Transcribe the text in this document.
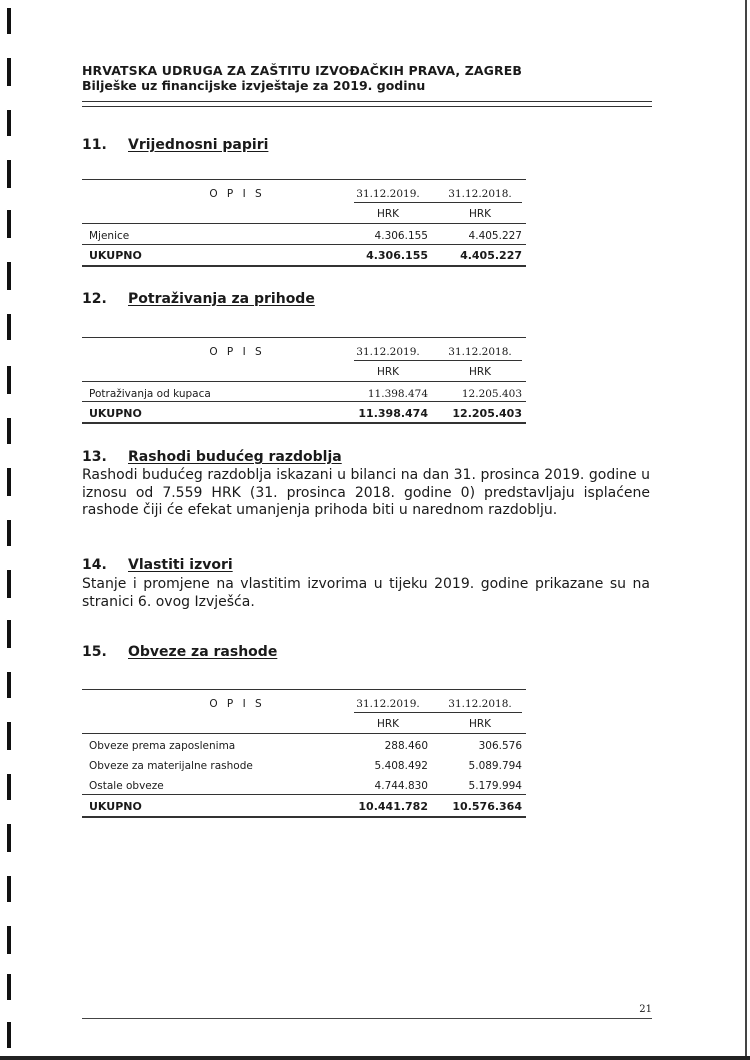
HRVATSKA UDRUGA ZA ZAŠTITU IZVOĐAČKIH PRAVA, ZAGREB
Bilješke uz financijske izvještaje za 2019. godinu
11. Vrijednosni papiri
O P I S	31.12.2019.	31.12.2018.
HRK	HRK
Mjenice	4.306.155	4.405.227
UKUPNO	4.306.155	4.405.227
12. Potraživanja za prihode
O P I S	31.12.2019.	31.12.2018.
HRK	HRK
Potraživanja od kupaca	11.398.474	12.205.403
UKUPNO	11.398.474	12.205.403
13. Rashodi budućeg razdoblja
Rashodi budućeg razdoblja iskazani u bilanci na dan 31. prosinca 2019. godine u iznosu od 7.559 HRK (31. prosinca 2018. godine 0) predstavljaju isplaćene rashode čiji će efekat umanjenja prihoda biti u narednom razdoblju.
14. Vlastiti izvori
Stanje i promjene na vlastitim izvorima u tijeku 2019. godine prikazane su na stranici 6. ovog Izvješća.
15. Obveze za rashode
O P I S	31.12.2019.	31.12.2018.
HRK	HRK
Obveze prema zaposlenima	288.460	306.576
Obveze za materijalne rashode	5.408.492	5.089.794
Ostale obveze	4.744.830	5.179.994
UKUPNO	10.441.782	10.576.364
21
